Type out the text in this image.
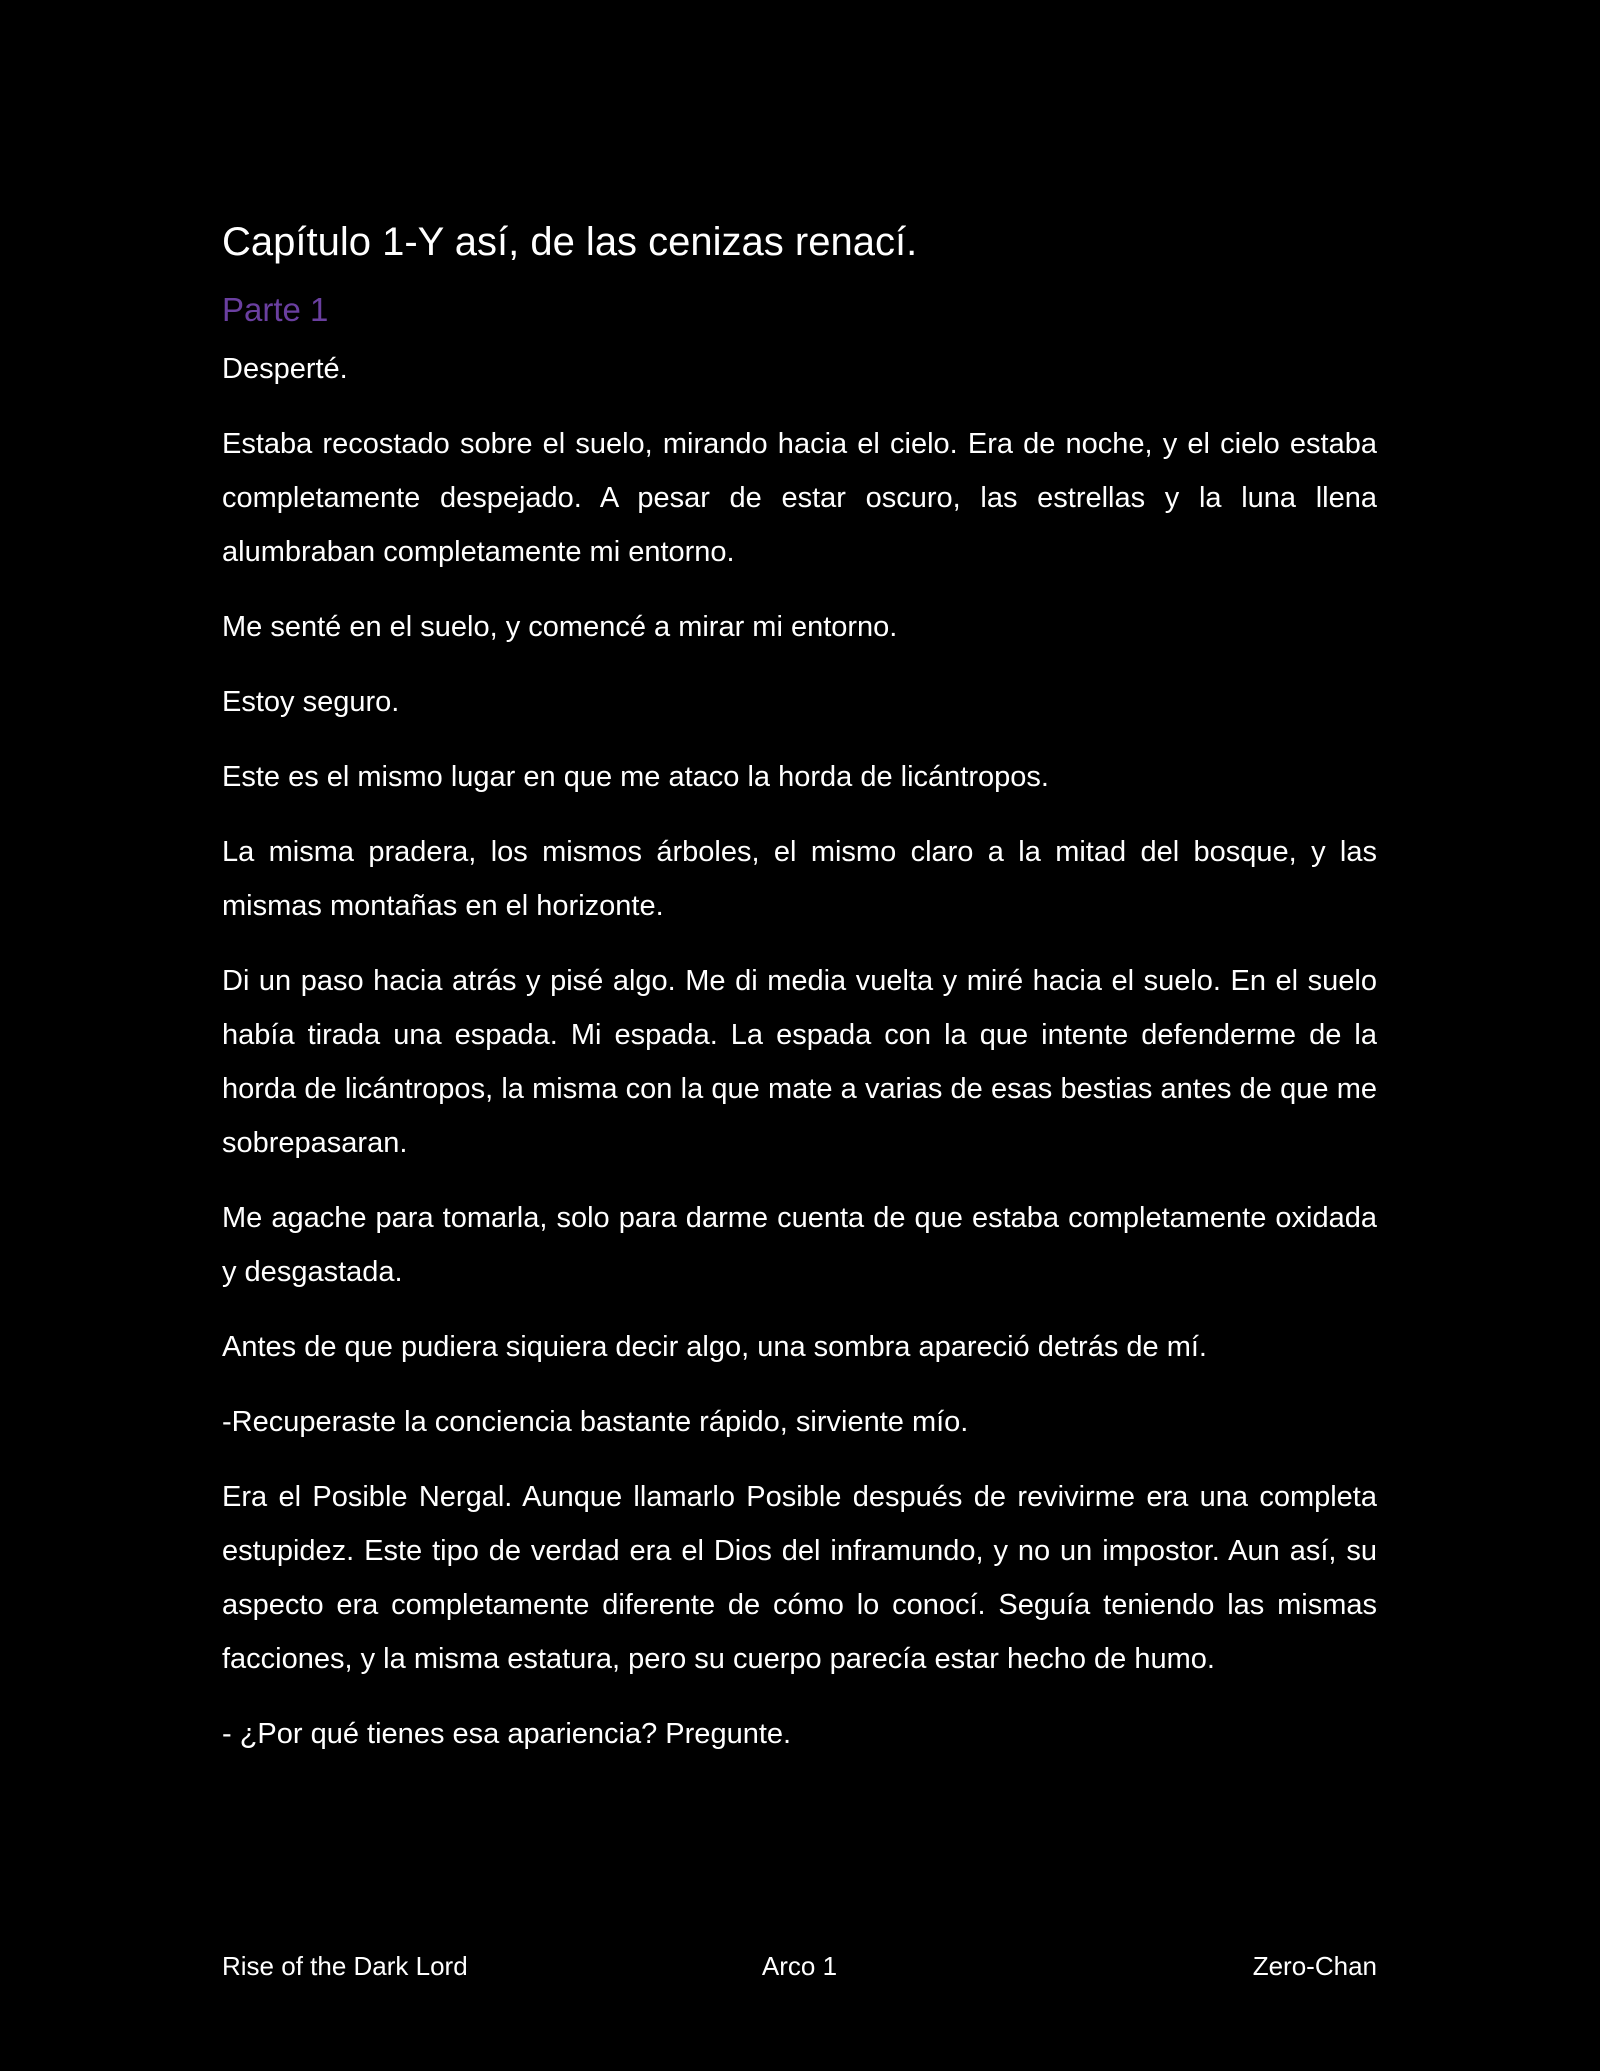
Capítulo 1-Y así, de las cenizas renací.
Parte 1

Desperté.

Estaba recostado sobre el suelo, mirando hacia el cielo. Era de noche, y el cielo estaba completamente despejado. A pesar de estar oscuro, las estrellas y la luna llena alumbraban completamente mi entorno.

Me senté en el suelo, y comencé a mirar mi entorno.

Estoy seguro.

Este es el mismo lugar en que me ataco la horda de licántropos.

La misma pradera, los mismos árboles, el mismo claro a la mitad del bosque, y las mismas montañas en el horizonte.

Di un paso hacia atrás y pisé algo. Me di media vuelta y miré hacia el suelo. En el suelo había tirada una espada. Mi espada. La espada con la que intente defenderme de la horda de licántropos, la misma con la que mate a varias de esas bestias antes de que me sobrepasaran.

Me agache para tomarla, solo para darme cuenta de que estaba completamente oxidada y desgastada.

Antes de que pudiera siquiera decir algo, una sombra apareció detrás de mí.

-Recuperaste la conciencia bastante rápido, sirviente mío.

Era el Posible Nergal. Aunque llamarlo Posible después de revivirme era una completa estupidez. Este tipo de verdad era el Dios del inframundo, y no un impostor. Aun así, su aspecto era completamente diferente de cómo lo conocí. Seguía teniendo las mismas facciones, y la misma estatura, pero su cuerpo parecía estar hecho de humo.

- ¿Por qué tienes esa apariencia? Pregunte.

Rise of the Dark Lord	Arco 1	Zero-Chan
